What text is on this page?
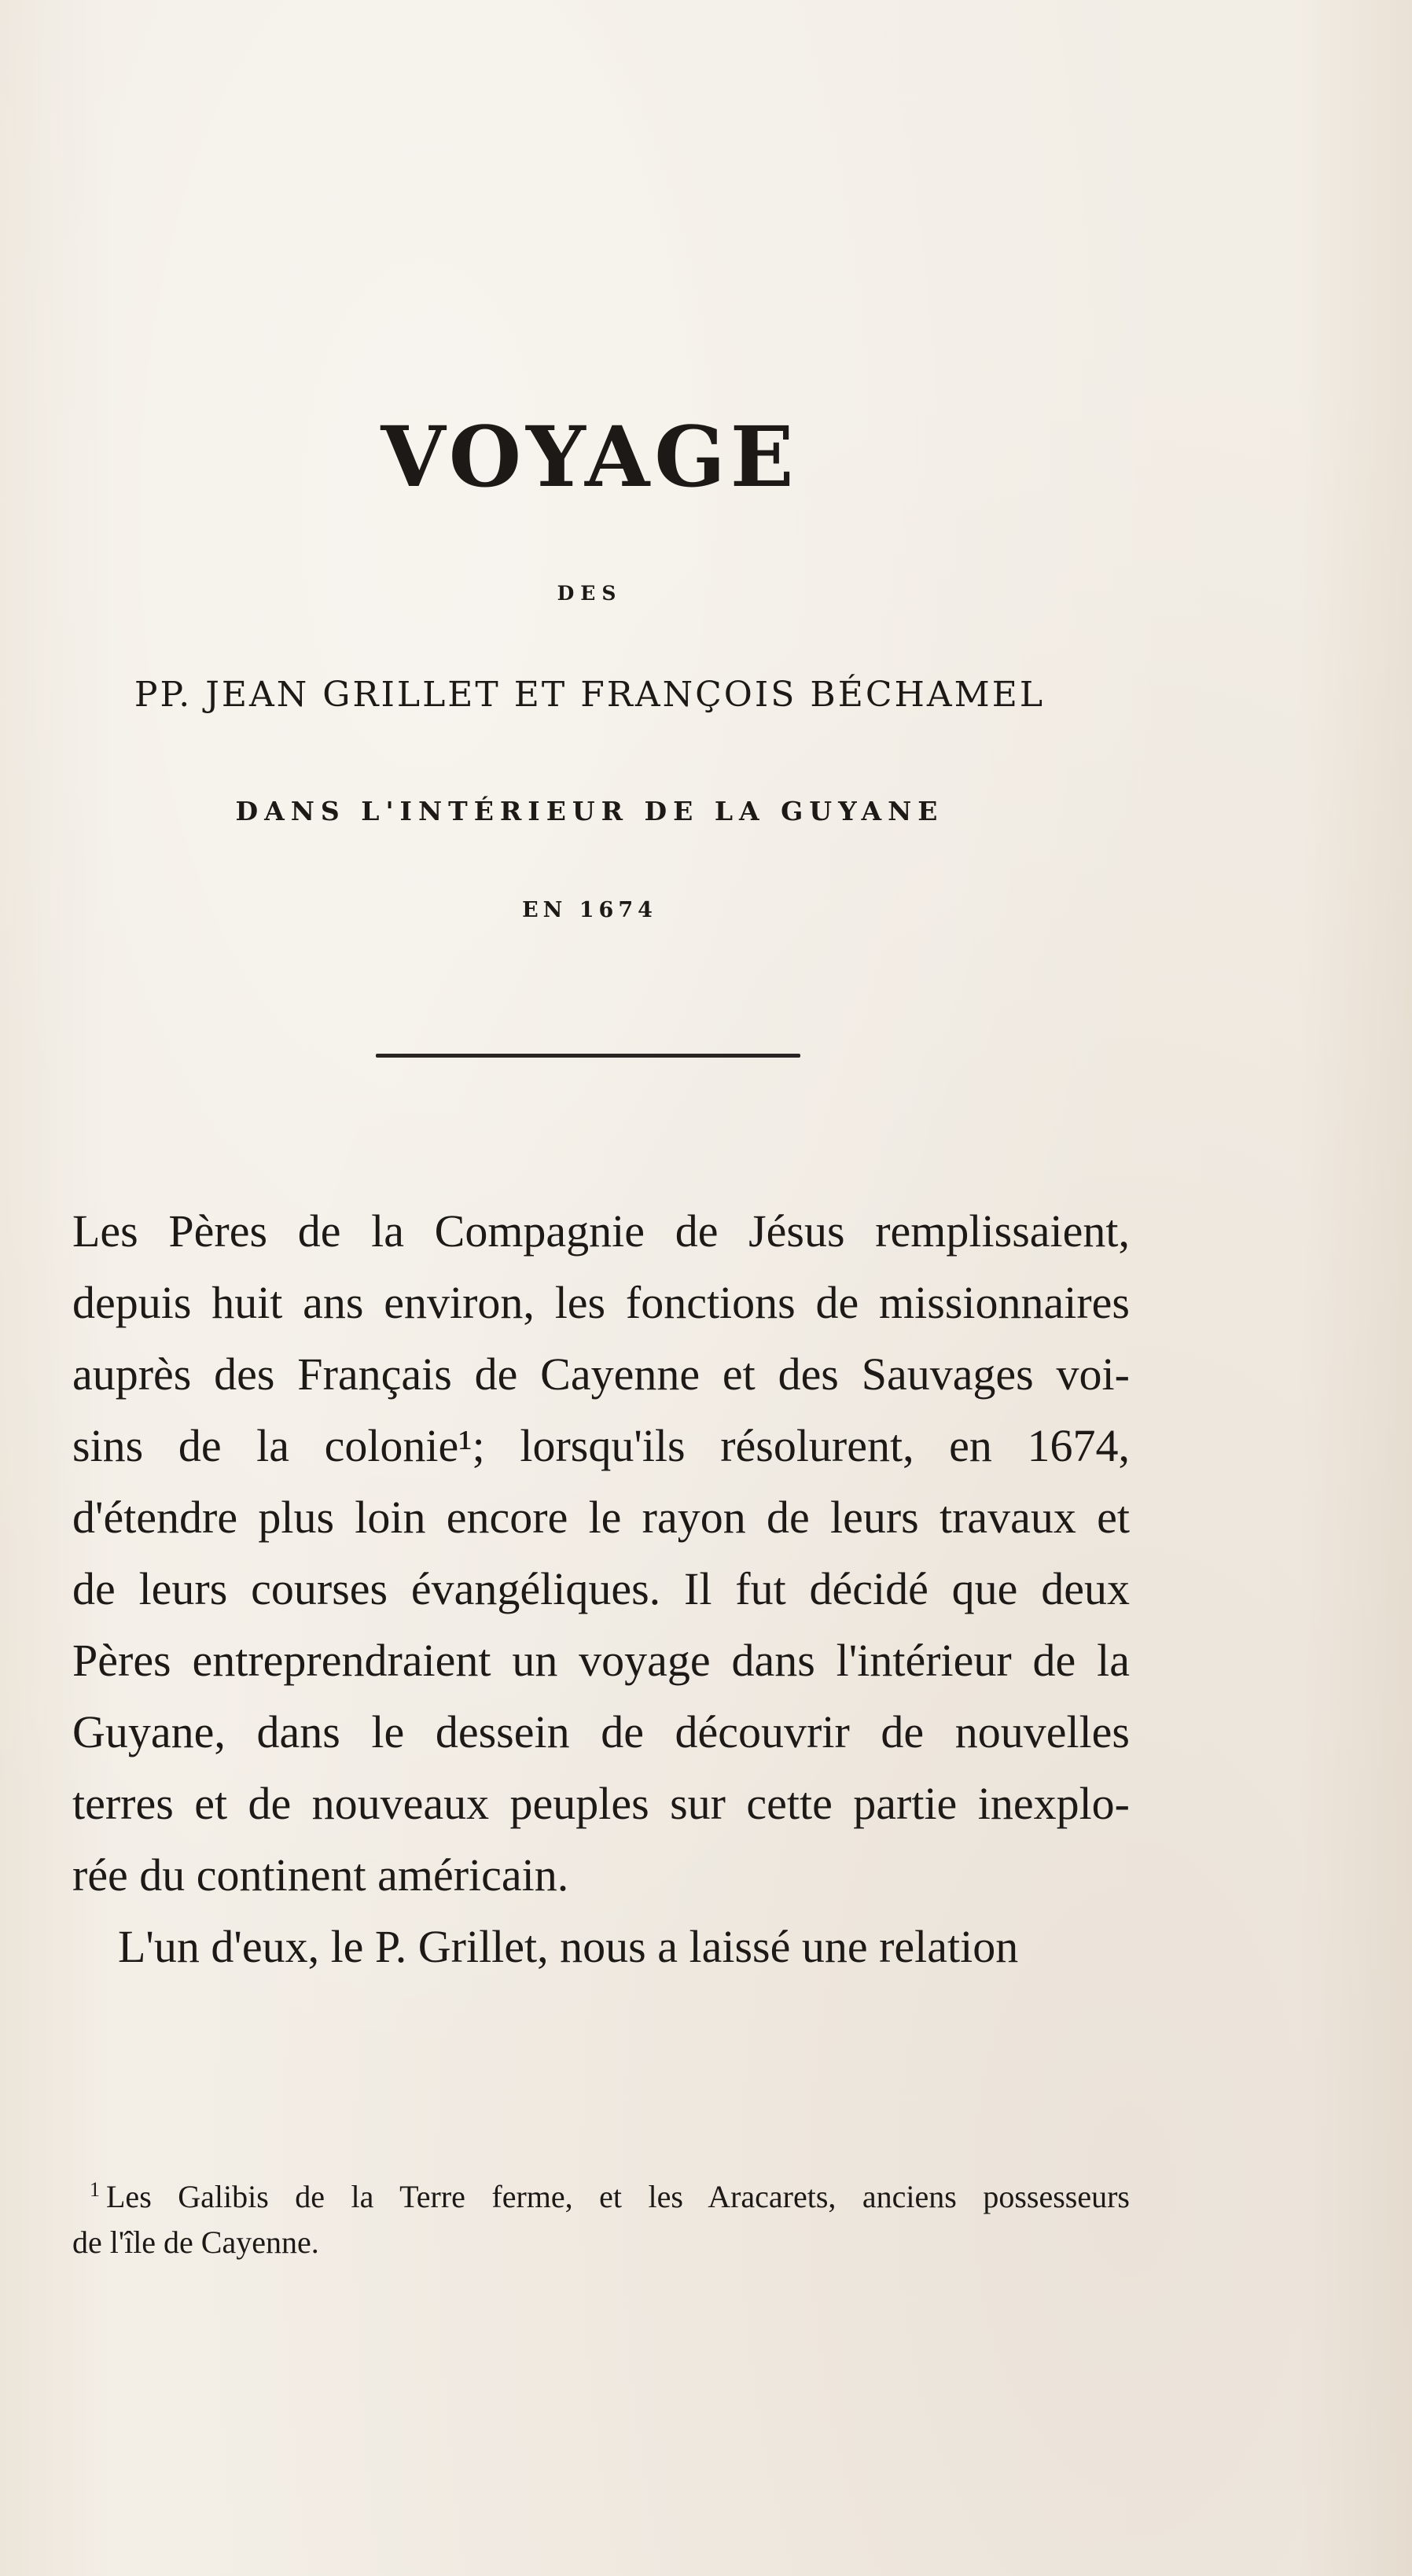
VOYAGE
DES
PP. JEAN GRILLET ET FRANÇOIS BÉCHAMEL
DANS L'INTÉRIEUR DE LA GUYANE
EN 1674
Les Pères de la Compagnie de Jésus remplissaient,
depuis huit ans environ, les fonctions de missionnaires
auprès des Français de Cayenne et des Sauvages voi-
sins de la colonie¹; lorsqu'ils résolurent, en 1674,
d'étendre plus loin encore le rayon de leurs travaux et
de leurs courses évangéliques. Il fut décidé que deux
Pères entreprendraient un voyage dans l'intérieur de la
Guyane, dans le dessein de découvrir de nouvelles
terres et de nouveaux peuples sur cette partie inexplo-
rée du continent américain.
L'un d'eux, le P. Grillet, nous a laissé une relation
$^1$ Les Galibis de la Terre ferme, et les Aracarets, anciens possesseurs
de l'île de Cayenne.
